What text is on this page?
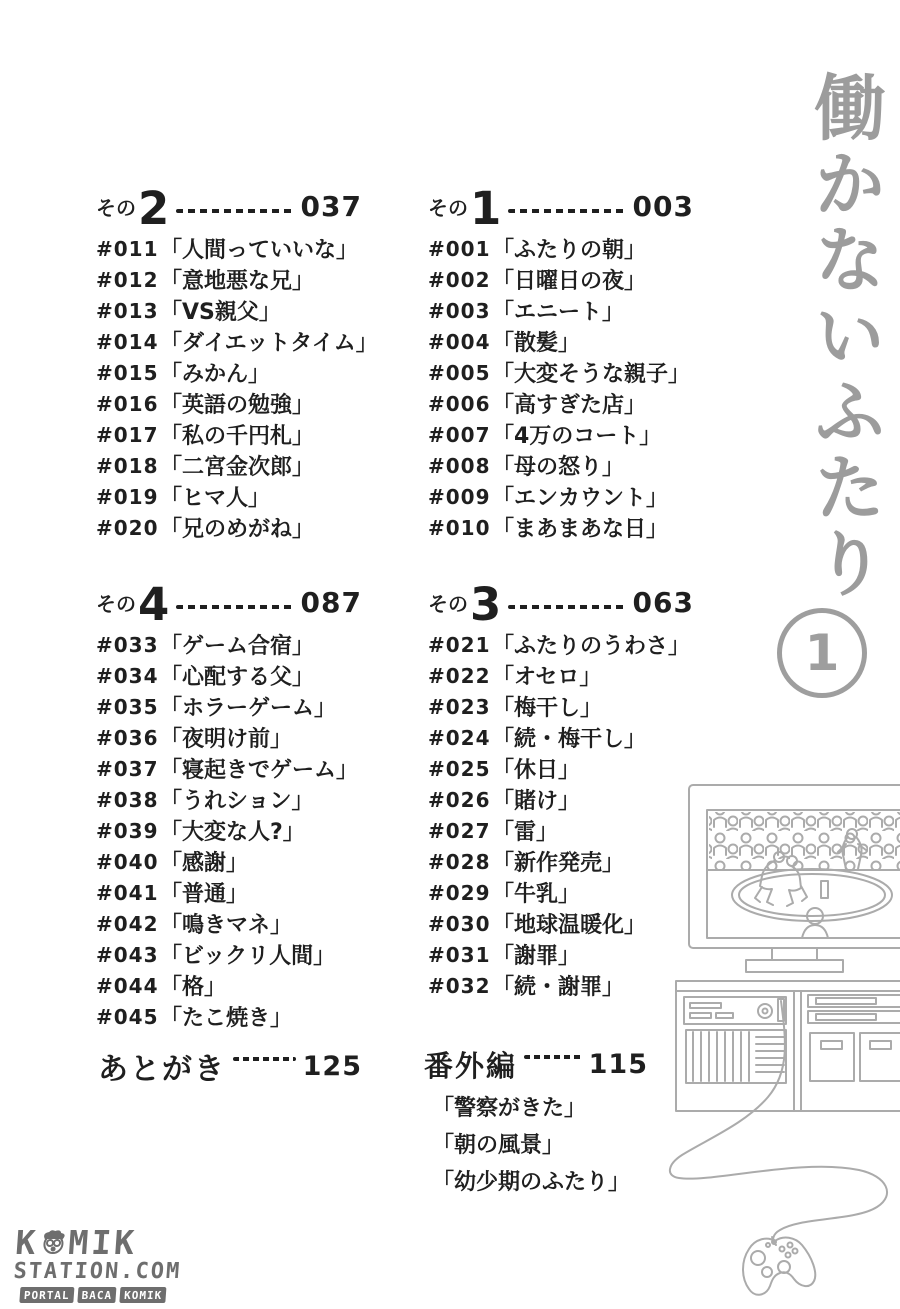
働かないふたり
1
その 2	037
#011 「人間っていいな」
#012 「意地悪な兄」
#013 「VS親父」
#014 「ダイエットタイム」
#015 「みかん」
#016 「英語の勉強」
#017 「私の千円札」
#018 「二宮金次郎」
#019 「ヒマ人」
#020 「兄のめがね」
その 1	003
#001 「ふたりの朝」
#002 「日曜日の夜」
#003 「エニート」
#004 「散髪」
#005 「大変そうな親子」
#006 「高すぎた店」
#007 「4万のコート」
#008 「母の怒り」
#009 「エンカウント」
#010 「まあまあな日」
その 4	087
#033 「ゲーム合宿」
#034 「心配する父」
#035 「ホラーゲーム」
#036 「夜明け前」
#037 「寝起きでゲーム」
#038 「うれション」
#039 「大変な人?」
#040 「感謝」
#041 「普通」
#042 「鳴きマネ」
#043 「ビックリ人間」
#044 「格」
#045 「たこ焼き」
その 3	063
#021 「ふたりのうわさ」
#022 「オセロ」
#023 「梅干し」
#024 「続・梅干し」
#025 「休日」
#026 「賭け」
#027 「雷」
#028 「新作発売」
#029 「牛乳」
#030 「地球温暖化」
#031 「謝罪」
#032 「続・謝罪」
あとがき	125 番外編	115
「警察がきた」
「朝の風景」
「幼少期のふたり」
K MIK
STATION.COM
PORTAL	BACA	KOMIK
